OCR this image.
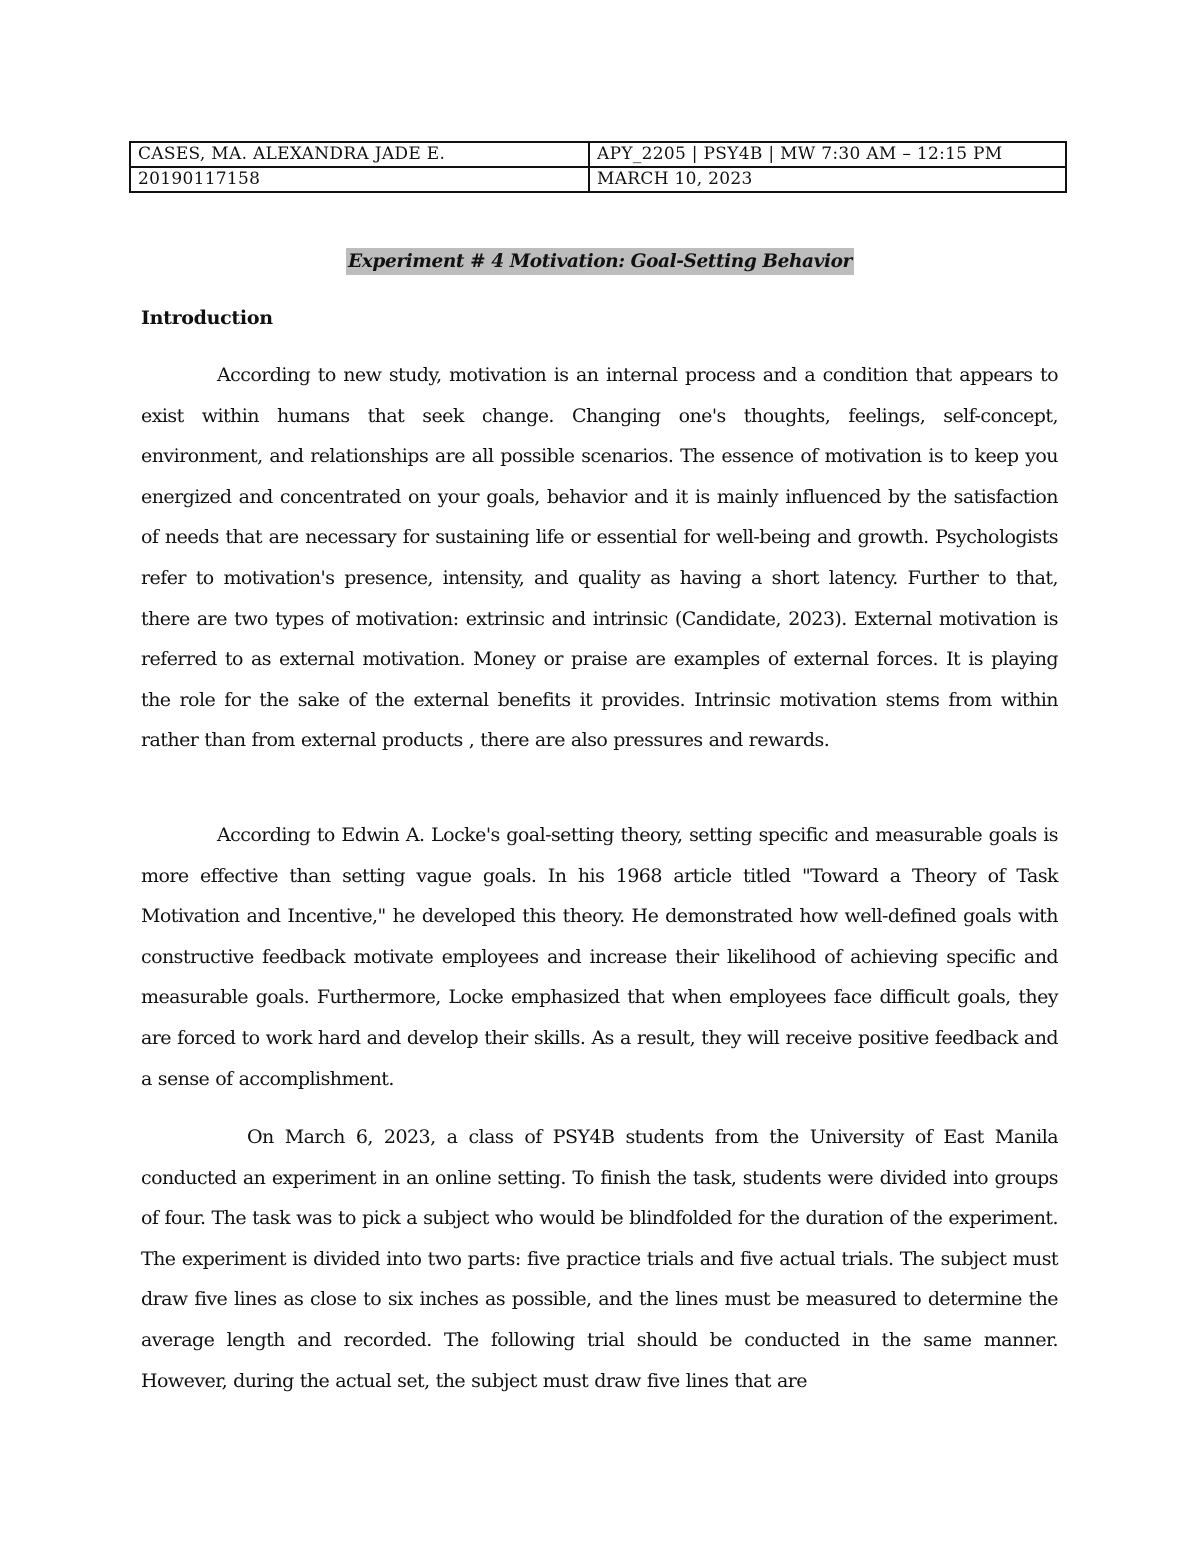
CASES, MA. ALEXANDRA JADE E.	APY_2205 | PSY4B | MW 7:30 AM – 12:15 PM
20190117158	MARCH 10, 2023
Experiment # 4 Motivation: Goal-Setting Behavior
Introduction

According to new study, motivation is an internal process and a condition that appears to exist within humans that seek change. Changing one's thoughts, feelings, self-concept, environment, and relationships are all possible scenarios. The essence of motivation is to keep you energized and concentrated on your goals, behavior and it is mainly influenced by the satisfaction of needs that are necessary for sustaining life or essential for well-being and growth. Psychologists refer to motivation's presence, intensity, and quality as having a short latency. Further to that, there are two types of motivation: extrinsic and intrinsic (Candidate, 2023). External motivation is referred to as external motivation. Money or praise are examples of external forces. It is playing the role for the sake of the external benefits it provides. Intrinsic motivation stems from within rather than from external products , there are also pressures and rewards.

According to Edwin A. Locke's goal-setting theory, setting specific and measurable goals is more effective than setting vague goals. In his 1968 article titled "Toward a Theory of Task Motivation and Incentive," he developed this theory. He demonstrated how well-defined goals with constructive feedback motivate employees and increase their likelihood of achieving specific and measurable goals. Furthermore, Locke emphasized that when employees face difficult goals, they are forced to work hard and develop their skills. As a result, they will receive positive feedback and a sense of accomplishment.

On March 6, 2023, a class of PSY4B students from the University of East Manila conducted an experiment in an online setting. To finish the task, students were divided into groups of four. The task was to pick a subject who would be blindfolded for the duration of the experiment. The experiment is divided into two parts: five practice trials and five actual trials. The subject must draw five lines as close to six inches as possible, and the lines must be measured to determine the average length and recorded. The following trial should be conducted in the same manner. However, during the actual set, the subject must draw five lines that are
